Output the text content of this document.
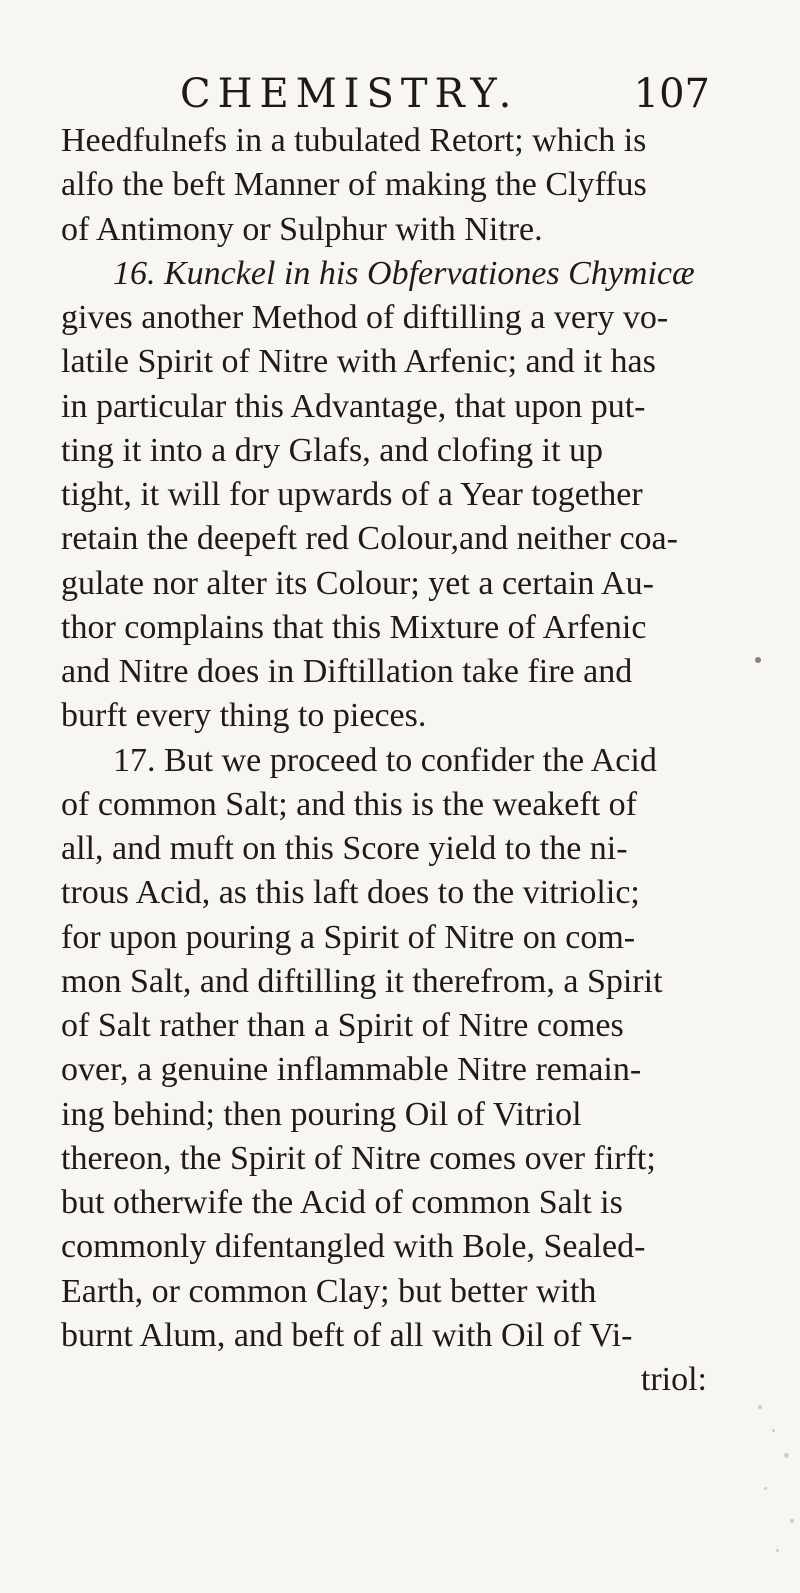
CHEMISTRY.	107
Heedfulnefs in a tubulated Retort; which is
alfo the beft Manner of making the Clyffus
of Antimony or Sulphur with Nitre.
16. Kunckel in his Obfervationes Chymicæ
gives another Method of diftilling a very vo-
latile Spirit of Nitre with Arfenic; and it has
in particular this Advantage, that upon put-
ting it into a dry Glafs, and clofing it up
tight, it will for upwards of a Year together
retain the deepeft red Colour,and neither coa-
gulate nor alter its Colour; yet a certain Au-
thor complains that this Mixture of Arfenic
and Nitre does in Diftillation take fire and
burft every thing to pieces.
17. But we proceed to confider the Acid
of common Salt; and this is the weakeft of
all, and muft on this Score yield to the ni-
trous Acid, as this laft does to the vitriolic;
for upon pouring a Spirit of Nitre on com-
mon Salt, and diftilling it therefrom, a Spirit
of Salt rather than a Spirit of Nitre comes
over, a genuine inflammable Nitre remain-
ing behind; then pouring Oil of Vitriol
thereon, the Spirit of Nitre comes over firft;
but otherwife the Acid of common Salt is
commonly difentangled with Bole, Sealed-
Earth, or common Clay; but better with
burnt Alum, and beft of all with Oil of Vi-
triol:
